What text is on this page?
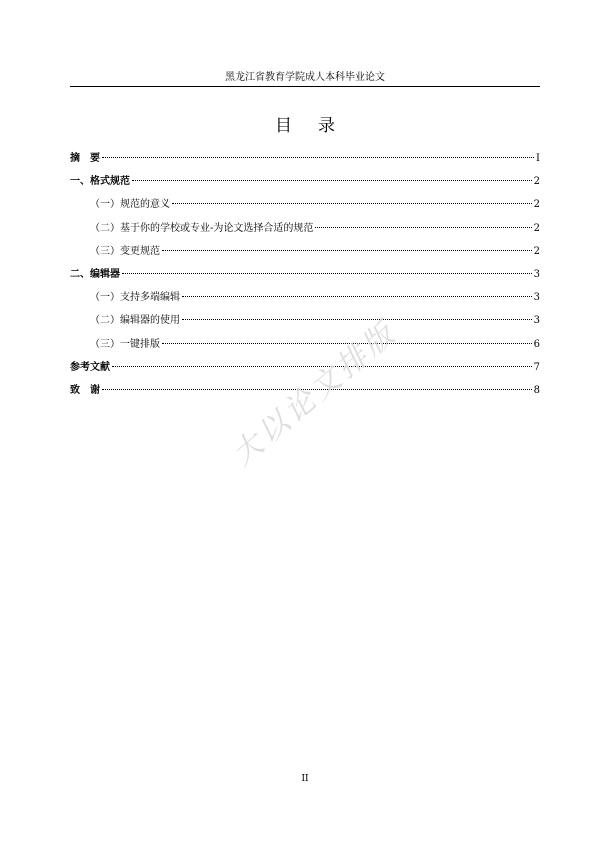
黑龙江省教育学院成人本科毕业论文
目录
摘　要	I
一、格式规范	2
（一）规范的意义	2
（二）基于你的学校或专业-为论文选择合适的规范	2
（三）变更规范	2
二、编辑器	3
（一）支持多端编辑	3
（二）编辑器的使用	3
（三）一键排版	6
参考文献	7
致　谢	8
大以论文排版
II
